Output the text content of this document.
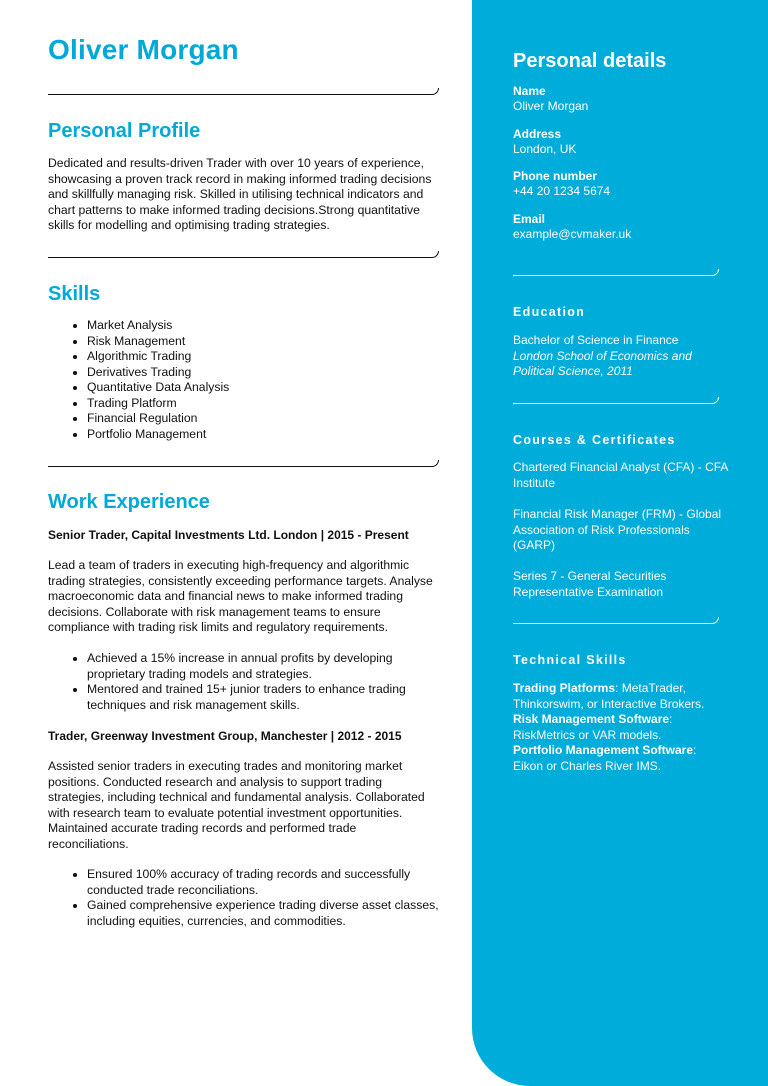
Oliver Morgan
Personal Profile

Dedicated and results-driven Trader with over 10 years of experience, showcasing a proven track record in making informed trading decisions and skillfully managing risk. Skilled in utilising technical indicators and chart patterns to make informed trading decisions.Strong quantitative skills for modelling and optimising trading strategies.

Skills
• Market Analysis
• Risk Management
• Algorithmic Trading
• Derivatives Trading
• Quantitative Data Analysis
• Trading Platform
• Financial Regulation
• Portfolio Management
Work Experience
Senior Trader, Capital Investments Ltd. London | 2015 - Present

Lead a team of traders in executing high-frequency and algorithmic trading strategies, consistently exceeding performance targets. Analyse macroeconomic data and financial news to make informed trading decisions. Collaborate with risk management teams to ensure compliance with trading risk limits and regulatory requirements.

• Achieved a 15% increase in annual profits by developing proprietary trading models and strategies.
• Mentored and trained 15+ junior traders to enhance trading techniques and risk management skills.
Trader, Greenway Investment Group, Manchester | 2012 - 2015

Assisted senior traders in executing trades and monitoring market positions. Conducted research and analysis to support trading strategies, including technical and fundamental analysis. Collaborated with research team to evaluate potential investment opportunities. Maintained accurate trading records and performed trade reconciliations.

• Ensured 100% accuracy of trading records and successfully conducted trade reconciliations.
• Gained comprehensive experience trading diverse asset classes, including equities, currencies, and commodities.
Personal details
Name
Oliver Morgan
Address
London, UK
Phone number
+44 20 1234 5674
Email
example@cvmaker.uk
Education

Bachelor of Science in Finance
London School of Economics and Political Science, 2011

Courses & Certificates

Chartered Financial Analyst (CFA) - CFA Institute

Financial Risk Manager (FRM) - Global Association of Risk Professionals (GARP)

Series 7 - General Securities Representative Examination

Technical Skills

Trading Platforms: MetaTrader, Thinkorswim, or Interactive Brokers.
Risk Management Software: RiskMetrics or VAR models.
Portfolio Management Software: Eikon or Charles River IMS.
